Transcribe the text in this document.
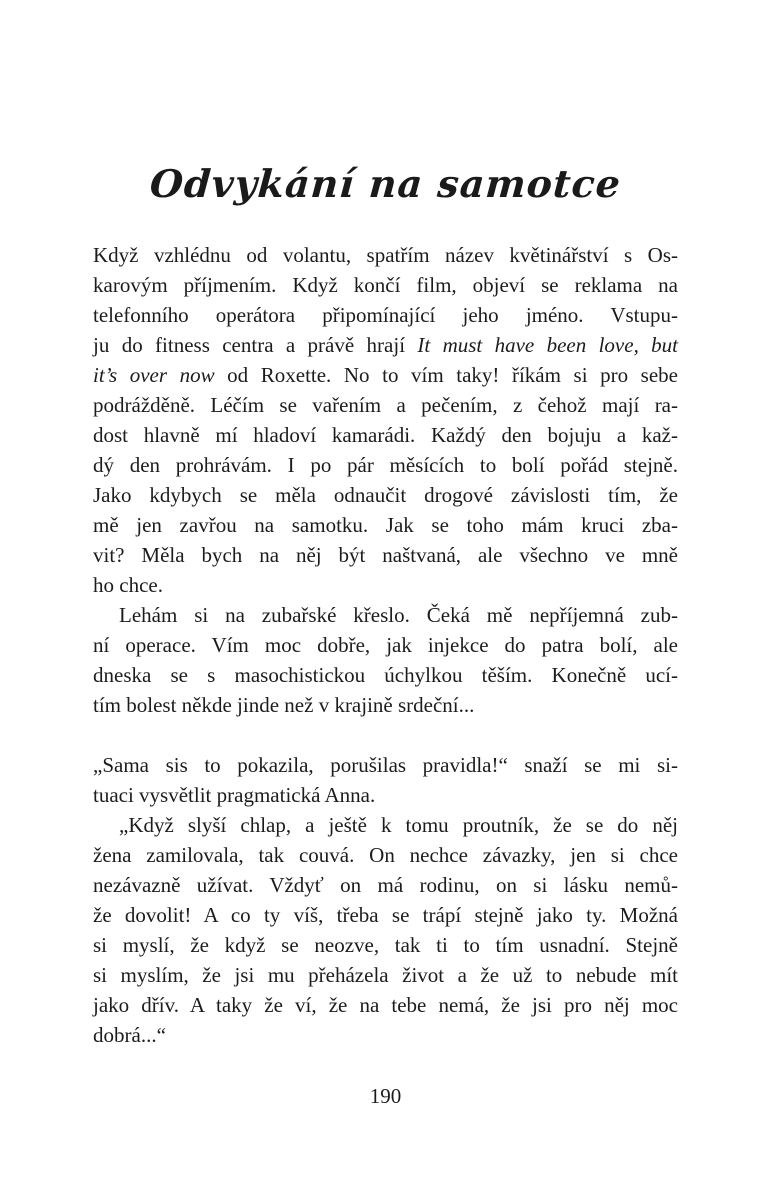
Odvykání na samotce
Když vzhlédnu od volantu, spatřím název květinářství s Os-
karovým příjmením. Když končí film, objeví se reklama na
telefonního operátora připomínající jeho jméno. Vstupu-
ju do fitness centra a právě hrají It must have been love, but
it’s over now od Roxette. No to vím taky! říkám si pro sebe
podrážděně. Léčím se vařením a pečením, z čehož mají ra-
dost hlavně mí hladoví kamarádi. Každý den bojuju a kaž-
dý den prohrávám. I po pár měsících to bolí pořád stejně.
Jako kdybych se měla odnaučit drogové závislosti tím, že
mě jen zavřou na samotku. Jak se toho mám kruci zba-
vit? Měla bych na něj být naštvaná, ale všechno ve mně
ho chce.
Lehám si na zubařské křeslo. Čeká mě nepříjemná zub-
ní operace. Vím moc dobře, jak injekce do patra bolí, ale
dneska se s masochistickou úchylkou těším. Konečně ucí-
tím bolest někde jinde než v krajině srdeční...
„Sama sis to pokazila, porušilas pravidla!“ snaží se mi si-
tuaci vysvětlit pragmatická Anna.
„Když slyší chlap, a ještě k tomu proutník, že se do něj
žena zamilovala, tak couvá. On nechce závazky, jen si chce
nezávazně užívat. Vždyť on má rodinu, on si lásku nemů-
že dovolit! A co ty víš, třeba se trápí stejně jako ty. Možná
si myslí, že když se neozve, tak ti to tím usnadní. Stejně
si myslím, že jsi mu přeházela život a že už to nebude mít
jako dřív. A taky že ví, že na tebe nemá, že jsi pro něj moc
dobrá...“
190
